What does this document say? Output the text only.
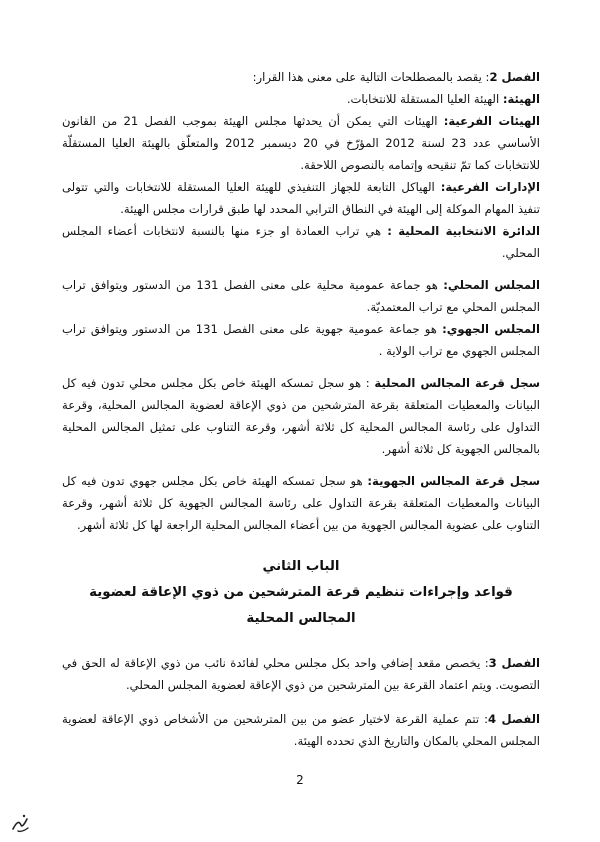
الفصل 2: يقصد بالمصطلحات التالية على معنى هذا القرار:

الهيئة: الهيئة العليا المستقلة للانتخابات.

الهيئات الفرعية: الهيئات التي يمكن أن يحدثها مجلس الهيئة بموجب الفصل 21 من القانون الأساسي عدد 23 لسنة 2012 المؤرّخ في 20 ديسمبر 2012 والمتعلّق بالهيئة العليا المستقلّة للانتخابات كما تمّ تنقيحه وإتمامه بالنصوص اللاحقة.

الإدارات الفرعية: الهياكل التابعة للجهاز التنفيذي للهيئة العليا المستقلة للانتخابات والتي تتولى تنفيذ المهام الموكلة إلى الهيئة في النطاق الترابي المحدد لها طبق قرارات مجلس الهيئة.

الدائرة الانتخابية المحلية : هي تراب العمادة او جزء منها بالنسبة لانتخابات أعضاء المجلس المحلي.

المجلس المحلي: هو جماعة عمومية محلية على معنى الفصل 131 من الدستور ويتوافق تراب المجلس المحلي مع تراب المعتمديّة.

المجلس الجهوي: هو جماعة عمومية جهوية على معنى الفصل 131 من الدستور ويتوافق تراب المجلس الجهوي مع تراب الولاية .

سجل قرعة المجالس المحلية : هو سجل تمسكه الهيئة خاص بكل مجلس محلي تدون فيه كل البيانات والمعطيات المتعلقة بقرعة المترشحين من ذوي الإعاقة لعضوية المجالس المحلية، وقرعة التداول على رئاسة المجالس المحلية كل ثلاثة أشهر، وقرعة التناوب على تمثيل المجالس المحلية بالمجالس الجهوية كل ثلاثة أشهر.

سجل قرعة المجالس الجهوية: هو سجل تمسكه الهيئة خاص بكل مجلس جهوي تدون فيه كل البيانات والمعطيات المتعلقة بقرعة التداول على رئاسة المجالس الجهوية كل ثلاثة أشهر، وقرعة التناوب على عضوية المجالس الجهوية من بين أعضاء المجالس المحلية الراجعة لها كل ثلاثة أشهر.

الباب الثاني

قواعد وإجراءات تنظيم قرعة المترشحين من ذوي الإعاقة لعضوية المجالس المحلية

الفصل 3: يخصص مقعد إضافي واحد بكل مجلس محلي لفائدة نائب من ذوي الإعاقة له الحق في التصويت. ويتم اعتماد القرعة بين المترشحين من ذوي الإعاقة لعضوية المجلس المحلي.

الفصل 4: تتم عملية القرعة لاختيار عضو من بين المترشحين من الأشخاص ذوي الإعاقة لعضوية المجلس المحلي بالمكان والتاريخ الذي تحدده الهيئة.

2
